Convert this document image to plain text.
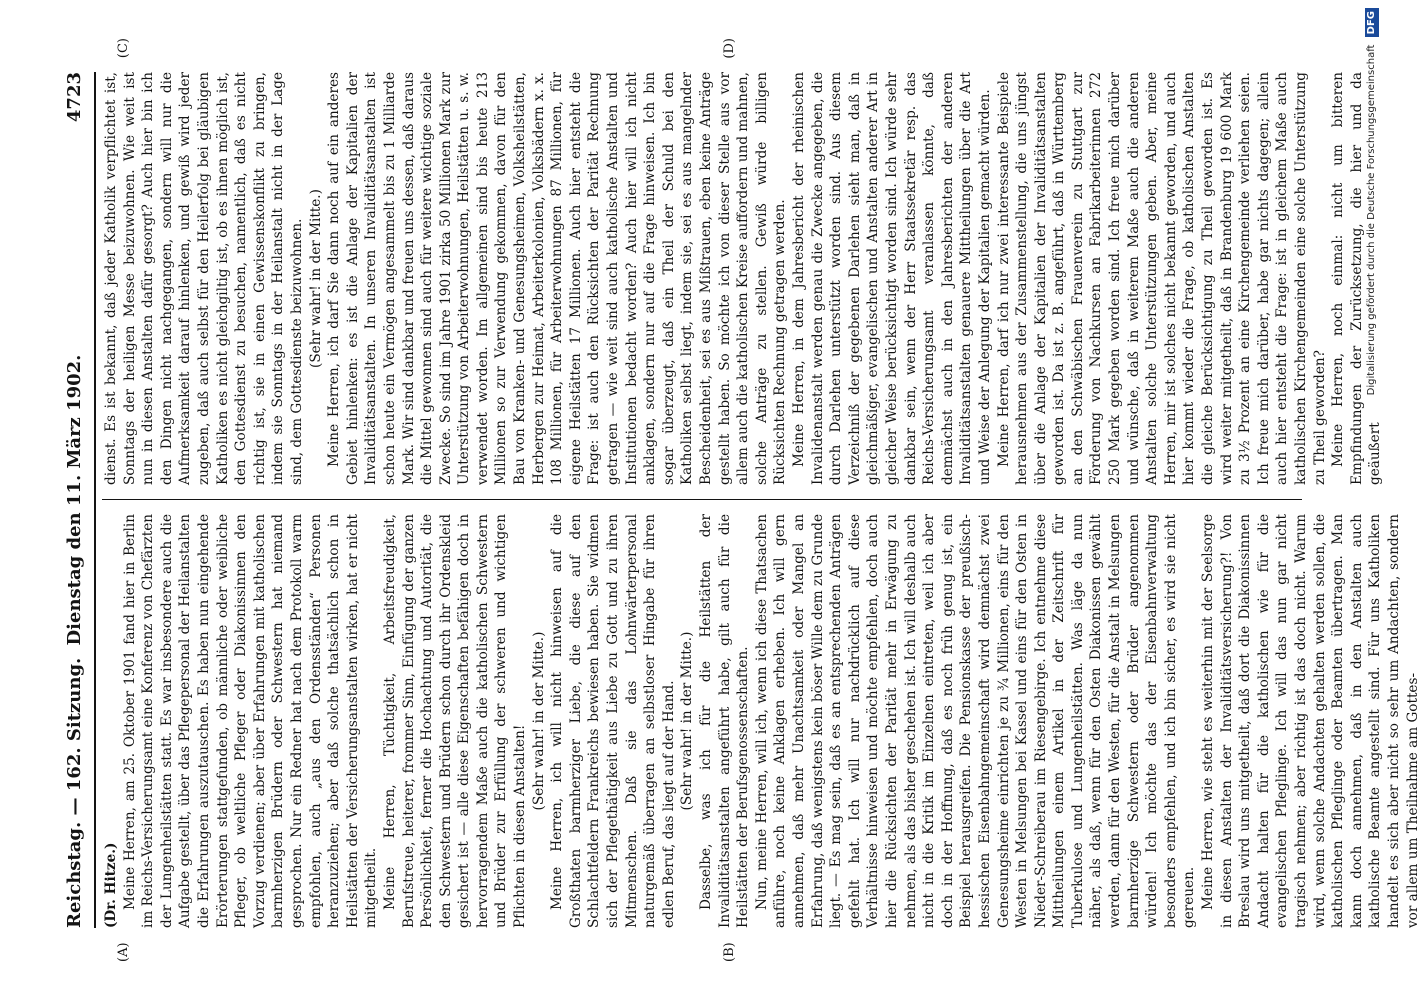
Reichstag. — 162. Sitzung.
Dienstag den 11. März 1902.
4723
(A)	(B)
(C)	(D)

(Dr. Hitze.) Meine Herren, am 25. Oktober 1901 fand hier in Berlin im Reichs-Versicherungsamt eine Konferenz von Chefärzten der Lungenheilstätten statt. Es war insbesondere auch die Aufgabe gestellt, über das Pflegepersonal der Heilanstalten die Erfahrungen auszutauschen. Es haben nun eingehende Erörterungen stattgefunden, ob männliche oder weibliche Pfleger, ob weltliche Pfleger oder Diakonissinnen den Vorzug verdienen; aber über Erfahrungen mit katholischen barmherzigen Brüdern oder Schwestern hat niemand gesprochen. Nur ein Redner hat nach dem Protokoll warm empfohlen, auch „aus den Ordensständen“ Personen heranzuziehen; aber daß solche thatsächlich schon in Heilstätten der Versicherungsanstalten wirken, hat er nicht mitgetheilt. Meine Herren, Tüchtigkeit, Arbeitsfreudigkeit, Berufstreue, heiterer, frommer Sinn, Einfügung der ganzen Persönlichkeit, ferner die Hochachtung und Autorität, die den Schwestern und Brüdern schon durch ihr Ordenskleid gesichert ist — alle diese Eigenschaften befähigen doch in hervorragendem Maße auch die katholischen Schwestern und Brüder zur Erfüllung der schweren und wichtigen Pflichten in diesen Anstalten!

(Sehr wahr! in der Mitte.) Meine Herren, ich will nicht hinweisen auf die Großthaten barmherziger Liebe, die diese auf den Schlachtfeldern Frankreichs bewiesen haben. Sie widmen sich der Pflegethätigkeit aus Liebe zu Gott und zu ihren Mitmenschen. Daß sie das Lohnwärterpersonal naturgemäß überragen an selbstloser Hingabe für ihren edlen Beruf, das liegt auf der Hand. (Sehr wahr! in der Mitte.) Dasselbe, was ich für die Heilstätten der Invaliditätsanstalten angeführt habe, gilt auch für die Heilstätten der Berufsgenossenschaften. Nun, meine Herren, will ich, wenn ich diese Thatsachen anführe, noch keine Anklagen erheben. Ich will gern annehmen, daß mehr Unachtsamkeit oder Mangel an Erfahrung, daß wenigstens kein böser Wille dem zu Grunde liegt. — Es mag sein, daß es an entsprechenden Anträgen gefehlt hat. Ich will nur nachdrücklich auf diese Verhältnisse hinweisen und möchte empfehlen, doch auch hier die Rücksichten der Parität mehr in Erwägung zu nehmen, als das bisher geschehen ist. Ich will deshalb auch nicht in die Kritik im Einzelnen eintreten, weil ich aber doch in der Hoffnung, daß es noch früh genug ist, ein Beispiel herausgreifen. Die Pensionskasse der preußisch-hessischen Eisenbahngemeinschaft wird demnächst zwei Genesungsheime einrichten je zu ¾ Millionen, eins für den Westen in Melsungen bei Kassel und eins für den Osten in Nieder-Schreiberau im Riesengebirge. Ich entnehme diese Mittheilungen einem Artikel in der Zeitschrift für Tuberkulose und Lungenheilstätten. Was läge da nun näher, als daß, wenn für den Osten Diakonissen gewählt werden, dann für den Westen, für die Anstalt in Melsungen barmherzige Schwestern oder Brüder angenommen würden! Ich möchte das der Eisenbahnverwaltung besonders empfehlen, und ich bin sicher, es wird sie nicht gereuen. Meine Herren, wie steht es weiterhin mit der Seelsorge in diesen Anstalten der Invaliditätsversicherung?! Von Breslau wird uns mitgetheilt, daß dort die Diakonissinnen Andacht halten für die katholischen wie für die evangelischen Pfleglinge. Ich will das nun gar nicht tragisch nehmen; aber richtig ist das doch nicht. Warum wird, wenn solche Andachten gehalten werden sollen, die katholischen Pfleglinge oder Beamten übertragen. Man kann doch annehmen, daß in den Anstalten auch katholische Beamte angestellt sind. Für uns Katholiken handelt es sich aber nicht so sehr um Andachten, sondern vor allem um Theilnahme am Gottes-

dienst. Es ist bekannt, daß jeder Katholik verpflichtet ist, Sonntags der heiligen Messe beizuwohnen. Wie weit ist nun in diesen Anstalten dafür gesorgt? Auch hier bin ich den Dingen nicht nachgegangen, sondern will nur die Aufmerksamkeit darauf hinlenken, und gewiß wird jeder zugeben, daß auch selbst für den Heilerfolg bei gläubigen Katholiken es nicht gleichgiltig ist, ob es ihnen möglich ist, den Gottesdienst zu besuchen, namentlich, daß es nicht richtig ist, sie in einen Gewissenskonflikt zu bringen, indem sie Sonntags in der Heilanstalt nicht in der Lage sind, dem Gottesdienste beizuwohnen. (Sehr wahr! in der Mitte.) Meine Herren, ich darf Sie dann noch auf ein anderes Gebiet hinlenken: es ist die Anlage der Kapitalien der Invaliditätsanstalten. In unseren Invaliditätsanstalten ist schon heute ein Vermögen angesammelt bis zu 1 Milliarde Mark. Wir sind dankbar und freuen uns dessen, daß daraus die Mittel gewonnen sind auch für weitere wichtige soziale Zwecke. So sind im Jahre 1901 zirka 50 Millionen Mark zur Unterstützung von Arbeiterwohnungen, Heilstätten u. s. w. verwendet worden. Im allgemeinen sind bis heute 213 Millionen so zur Verwendung gekommen, davon für den Bau von Kranken- und Genesungsheimen, Volksheilstätten, Herbergen zur Heimat, Arbeiterkolonien, Volksbädern x. x. 108 Millionen, für Arbeiterwohnungen 87 Millionen, für eigene Heilstätten 17 Millionen. Auch hier entsteht die Frage: ist auch den Rücksichten der Parität Rechnung getragen — wie weit sind auch katholische Anstalten und Institutionen bedacht worden? Auch hier will ich nicht anklagen, sondern nur auf die Frage hinweisen. Ich bin sogar überzeugt, daß ein Theil der Schuld bei den Katholiken selbst liegt, indem sie, sei es aus mangelnder Bescheidenheit, sei es aus Mißtrauen, eben keine Anträge gestellt haben. So möchte ich von dieser Stelle aus vor allem auch die katholischen Kreise auffordern und mahnen, solche Anträge zu stellen. Gewiß würde billigen Rücksichten Rechnung getragen werden. Meine Herren, in dem Jahresbericht der rheinischen Invalidenanstalt werden genau die Zwecke angegeben, die durch Darlehen unterstützt worden sind. Aus diesem Verzeichniß der gegebenen Darlehen sieht man, daß in gleichmäßiger, evangelischen und Anstalten anderer Art in gleicher Weise berücksichtigt worden sind. Ich würde sehr dankbar sein, wenn der Herr Staatssekretär resp. das Reichs-Versicherungsamt veranlassen könnte, daß demnächst auch in den Jahresberichten der anderen Invaliditätsanstalten genauere Mittheilungen über die Art und Weise der Anlegung der Kapitalien gemacht würden. Meine Herren, darf ich nur zwei interessante Beispiele herausnehmen aus der Zusammenstellung, die uns jüngst über die Anlage der Kapitalien der Invaliditätsanstalten geworden ist. Da ist z. B. angeführt, daß in Württemberg an den Schwäbischen Frauenverein zu Stuttgart zur Förderung von Nachkursen an Fabrikarbeiterinnen 272 250 Mark gegeben worden sind. Ich freue mich darüber und wünsche, daß in weiterem Maße auch die anderen Anstalten solche Unterstützungen geben. Aber, meine Herren, mir ist solches nicht bekannt geworden, und auch hier kommt wieder die Frage, ob katholischen Anstalten die gleiche Berücksichtigung zu Theil geworden ist. Es wird weiter mitgetheilt, daß in Brandenburg 19 600 Mark zu 3½ Prozent an eine Kirchengemeinde verliehen seien. Ich freue mich darüber, habe gar nichts dagegen; allein auch hier entsteht die Frage: ist in gleichem Maße auch katholischen Kirchengemeinden eine solche Unterstützung zu Theil geworden? Meine Herren, noch einmal: nicht um bitteren Empfindungen der Zurücksetzung, die hier und da geäußert

Digitalisierung gefördert durch die Deutsche Forschungsgemeinschaft DFG
